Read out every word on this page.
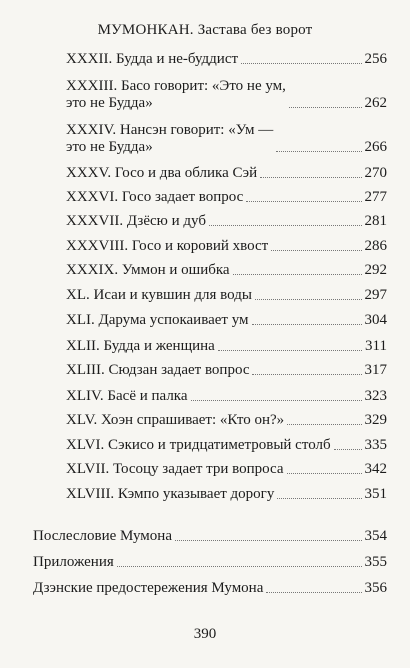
МУМОНКАН. Застава без ворот
XXXII. Будда и не-буддист	256
XXXIII. Басо говорит: «Это не ум,
это не Будда»	262
XXXIV. Нансэн говорит: «Ум —
это не Будда»	266
XXXV. Госо и два облика Сэй	270
XXXVI. Госо задает вопрос	277
XXXVII. Дзёсю и дуб	281
XXXVIII. Госо и коровий хвост	286
XXXIX. Уммон и ошибка	292
XL. Исаи и кувшин для воды	297
XLI. Дарума успокаивает ум	304
XLII. Будда и женщина	311
XLIII. Сюдзан задает вопрос	317
XLIV. Басё и палка	323
XLV. Хоэн спрашивает: «Кто он?»	329
XLVI. Сэкисо и тридцатиметровый столб 335
XLVII. Тосоцу задает три вопроса	342
XLVIII. Кэмпо указывает дорогу	351
Послесловие Мумона	354
Приложения	355
Дзэнские предостережения Мумона	356
390
